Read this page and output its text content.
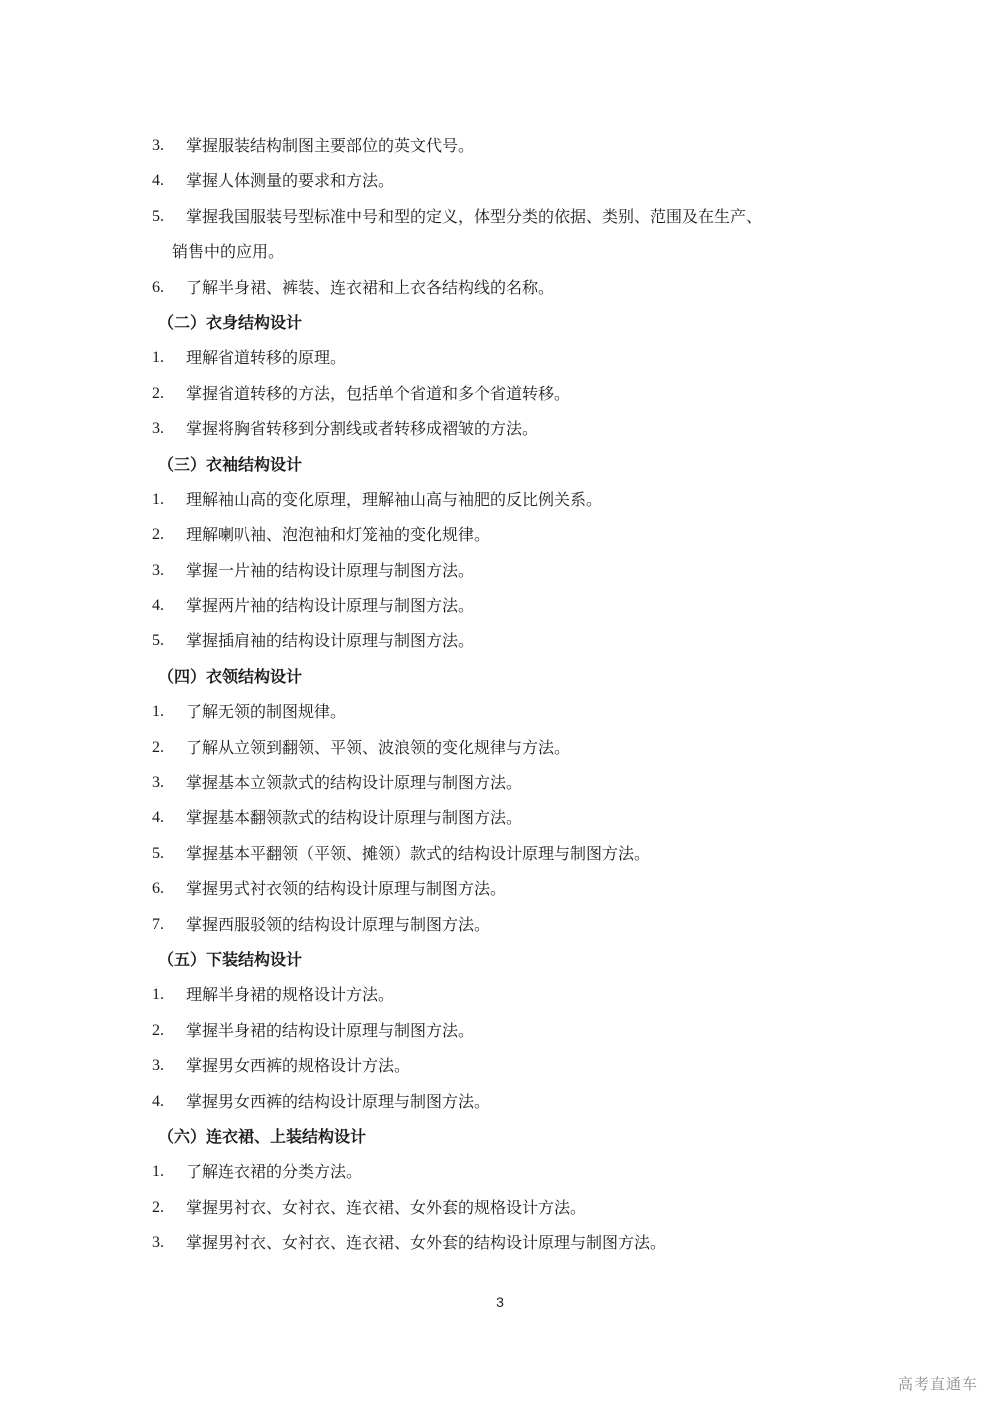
3. 掌握服装结构制图主要部位的英文代号。
4. 掌握人体测量的要求和方法。
5. 掌握我国服装号型标准中号和型的定义，体型分类的依据、类别、范围及在生产、
销售中的应用。
6. 了解半身裙、裤装、连衣裙和上衣各结构线的名称。
（二）衣身结构设计
1. 理解省道转移的原理。
2. 掌握省道转移的方法，包括单个省道和多个省道转移。
3. 掌握将胸省转移到分割线或者转移成褶皱的方法。
（三）衣袖结构设计
1. 理解袖山高的变化原理，理解袖山高与袖肥的反比例关系。
2. 理解喇叭袖、泡泡袖和灯笼袖的变化规律。
3. 掌握一片袖的结构设计原理与制图方法。
4. 掌握两片袖的结构设计原理与制图方法。
5. 掌握插肩袖的结构设计原理与制图方法。
（四）衣领结构设计
1. 了解无领的制图规律。
2. 了解从立领到翻领、平领、波浪领的变化规律与方法。
3. 掌握基本立领款式的结构设计原理与制图方法。
4. 掌握基本翻领款式的结构设计原理与制图方法。
5. 掌握基本平翻领（平领、摊领）款式的结构设计原理与制图方法。
6. 掌握男式衬衣领的结构设计原理与制图方法。
7. 掌握西服驳领的结构设计原理与制图方法。
（五）下装结构设计
1. 理解半身裙的规格设计方法。
2. 掌握半身裙的结构设计原理与制图方法。
3. 掌握男女西裤的规格设计方法。
4. 掌握男女西裤的结构设计原理与制图方法。
（六）连衣裙、上装结构设计
1. 了解连衣裙的分类方法。
2. 掌握男衬衣、女衬衣、连衣裙、女外套的规格设计方法。
3. 掌握男衬衣、女衬衣、连衣裙、女外套的结构设计原理与制图方法。
3
高考直通车
